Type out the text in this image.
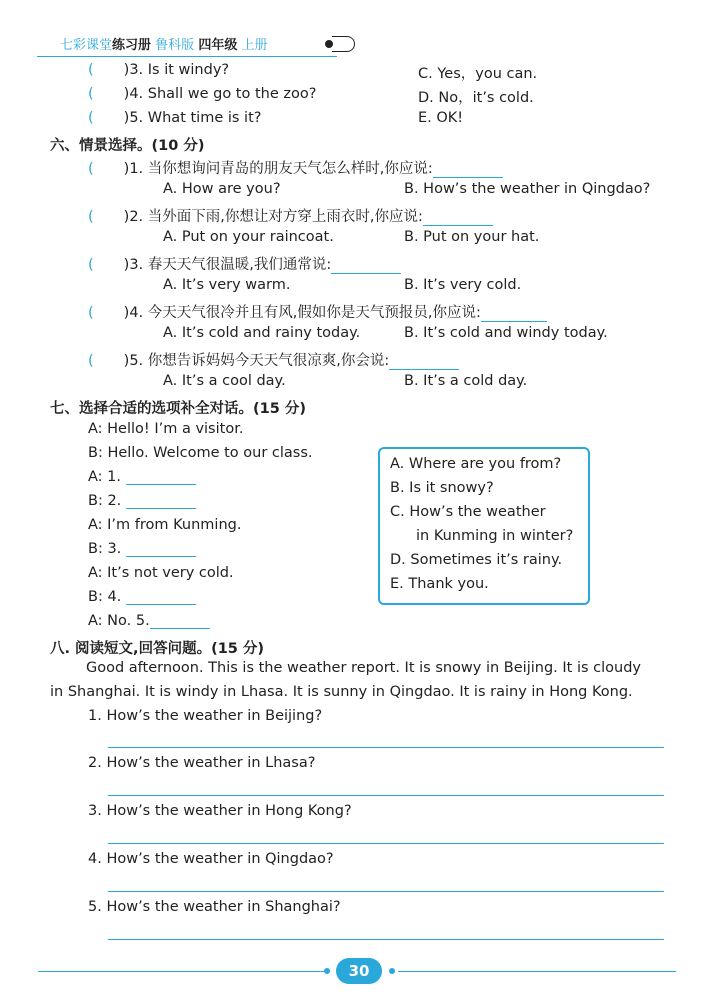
七彩课堂练习册 鲁科版 四年级 上册
( )3. Is it windy?	C. Yes，you can.
( )4. Shall we go to the zoo?	D. No，it’s cold.
( )5. What time is it?	E. OK!
六、情景选择。(10 分)
( )1. 当你想询问青岛的朋友天气怎么样时,你应说:
A. How are you?	B. How’s the weather in Qingdao?
( )2. 当外面下雨,你想让对方穿上雨衣时,你应说:
A. Put on your raincoat.	B. Put on your hat.
( )3. 春天天气很温暖,我们通常说:
A. It’s very warm.	B. It’s very cold.
( )4. 今天天气很冷并且有风,假如你是天气预报员,你应说:
A. It’s cold and rainy today.	B. It’s cold and windy today.
( )5. 你想告诉妈妈今天天气很凉爽,你会说:
A. It’s a cool day.	B. It’s a cold day.
七、选择合适的选项补全对话。(15 分)
A: Hello! I’m a visitor.
B: Hello. Welcome to our class.
A: 1.
B: 2.
A: I’m from Kunming.
B: 3.
A: It’s not very cold.
B: 4.
A: No. 5.
A. Where are you from?
B. Is it snowy?
C. How’s the weather
in Kunming in winter?
D. Sometimes it’s rainy.
E. Thank you.
八. 阅读短文,回答问题。(15 分)
Good afternoon. This is the weather report. It is snowy in Beijing. It is cloudy
in Shanghai. It is windy in Lhasa. It is sunny in Qingdao. It is rainy in Hong Kong.
1. How’s the weather in Beijing?
2. How’s the weather in Lhasa?
3. How’s the weather in Hong Kong?
4. How’s the weather in Qingdao?
5. How’s the weather in Shanghai?
30
